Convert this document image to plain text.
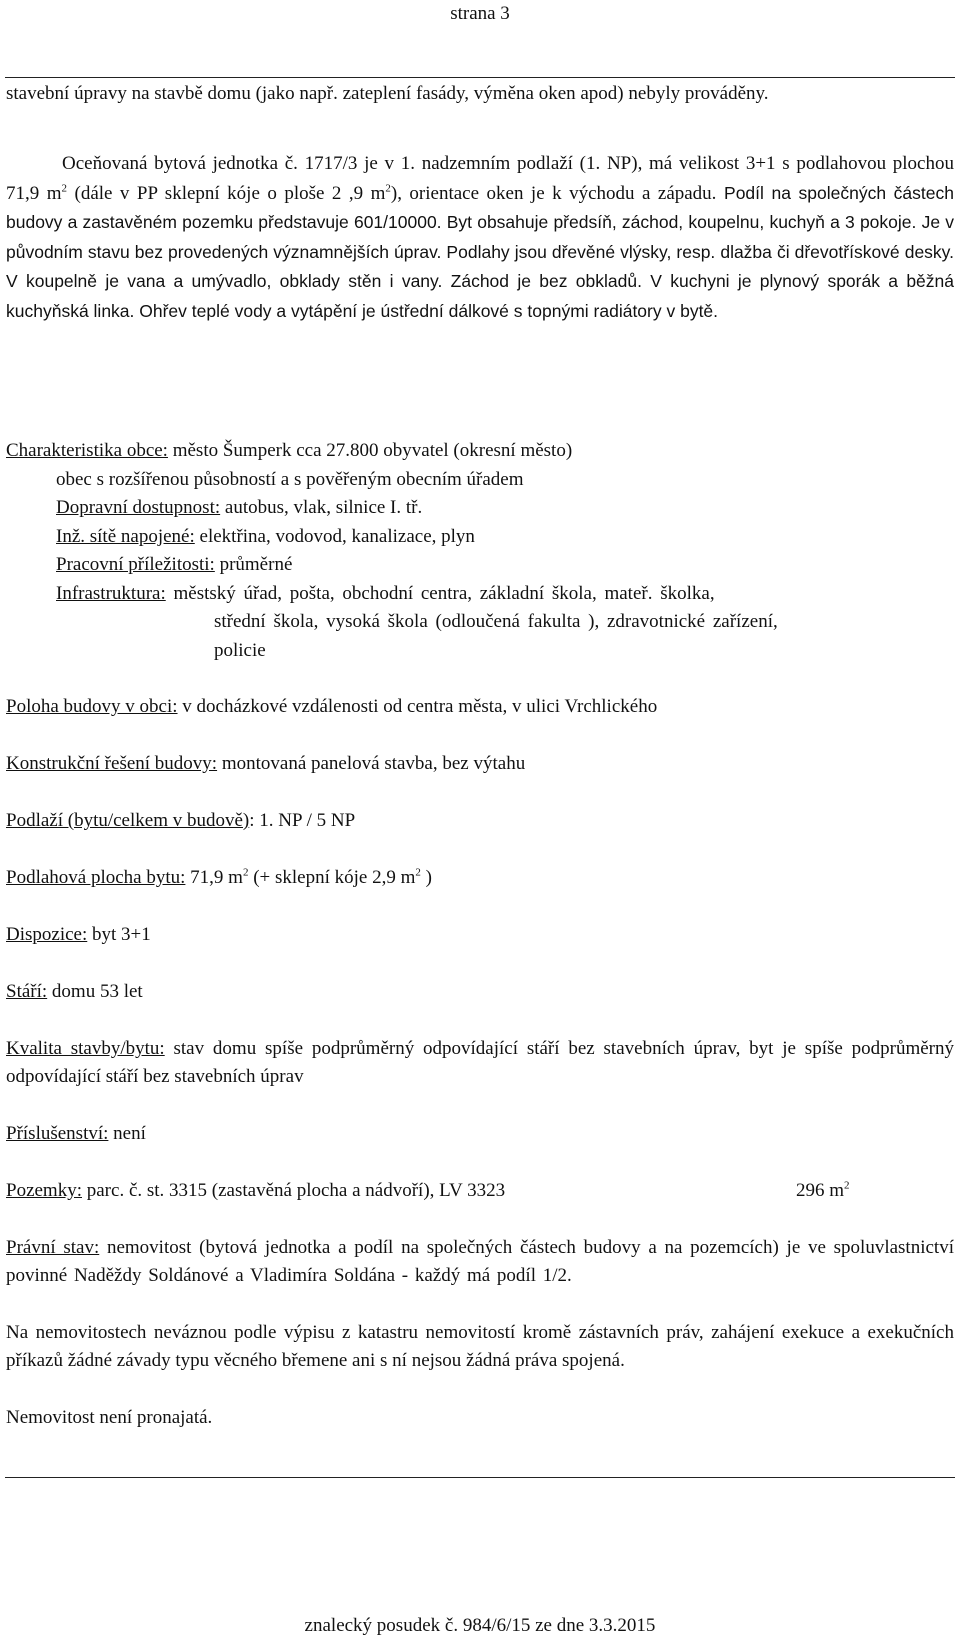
strana 3

stavební úpravy na stavbě domu (jako např. zateplení fasády, výměna oken apod) nebyly prováděny.

Oceňovaná bytová jednotka č. 1717/3 je v 1. nadzemním podlaží (1. NP), má velikost 3+1 s podlahovou plochou 71,9 $m^2$ (dále v PP sklepní kóje o ploše 2 ,9 $m^2$), orientace oken je k východu a západu. Podíl na společných částech budovy a zastavěném pozemku představuje 601/10000. Byt obsahuje předsíň, záchod, koupelnu, kuchyň a 3 pokoje. Je v původním stavu bez provedených významnějších úprav. Podlahy jsou dřevěné vlýsky, resp. dlažba či dřevotřískové desky. V koupelně je vana a umývadlo, obklady stěn i vany. Záchod je bez obkladů. V kuchyni je plynový sporák a běžná kuchyňská linka. Ohřev teplé vody a vytápění je ústřední dálkové s topnými radiátory v bytě.

Charakteristika obce: město Šumperk cca 27.800 obyvatel (okresní město)

obec s rozšířenou působností a s pověřeným obecním úřadem

Dopravní dostupnost: autobus, vlak, silnice I. tř.

Inž. sítě napojené: elektřina, vodovod, kanalizace, plyn

Pracovní příležitosti: průměrné

Infrastruktura: městský úřad, pošta, obchodní centra, základní škola, mateř. školka,

střední škola, vysoká škola (odloučená fakulta ), zdravotnické zařízení,

policie

Poloha budovy v obci: v docházkové vzdálenosti od centra města, v ulici Vrchlického

Konstrukční řešení budovy: montovaná panelová stavba, bez výtahu

Podlaží (bytu/celkem v budově): 1. NP / 5 NP

Podlahová plocha bytu: 71,9 $m^2$ (+ sklepní kóje 2,9 $m^2$ )

Dispozice: byt 3+1

Stáří: domu 53 let

Kvalita stavby/bytu: stav domu spíše podprůměrný odpovídající stáří bez stavebních úprav, byt je spíše podprůměrný odpovídající stáří bez stavebních úprav

Příslušenství: není

Pozemky: parc. č. st. 3315 (zastavěná plocha a nádvoří), LV 3323	296 $m^2$

Právní stav: nemovitost (bytová jednotka a podíl na společných částech budovy a na pozemcích) je ve spoluvlastnictví povinné Naděždy Soldánové a Vladimíra Soldána - každý má podíl 1/2.

Na nemovitostech neváznou podle výpisu z katastru nemovitostí kromě zástavních práv, zahájení exekuce a exekučních příkazů žádné závady typu věcného břemene ani s ní nejsou žádná práva spojená.

Nemovitost není pronajatá.

znalecký posudek č. 984/6/15 ze dne 3.3.2015
